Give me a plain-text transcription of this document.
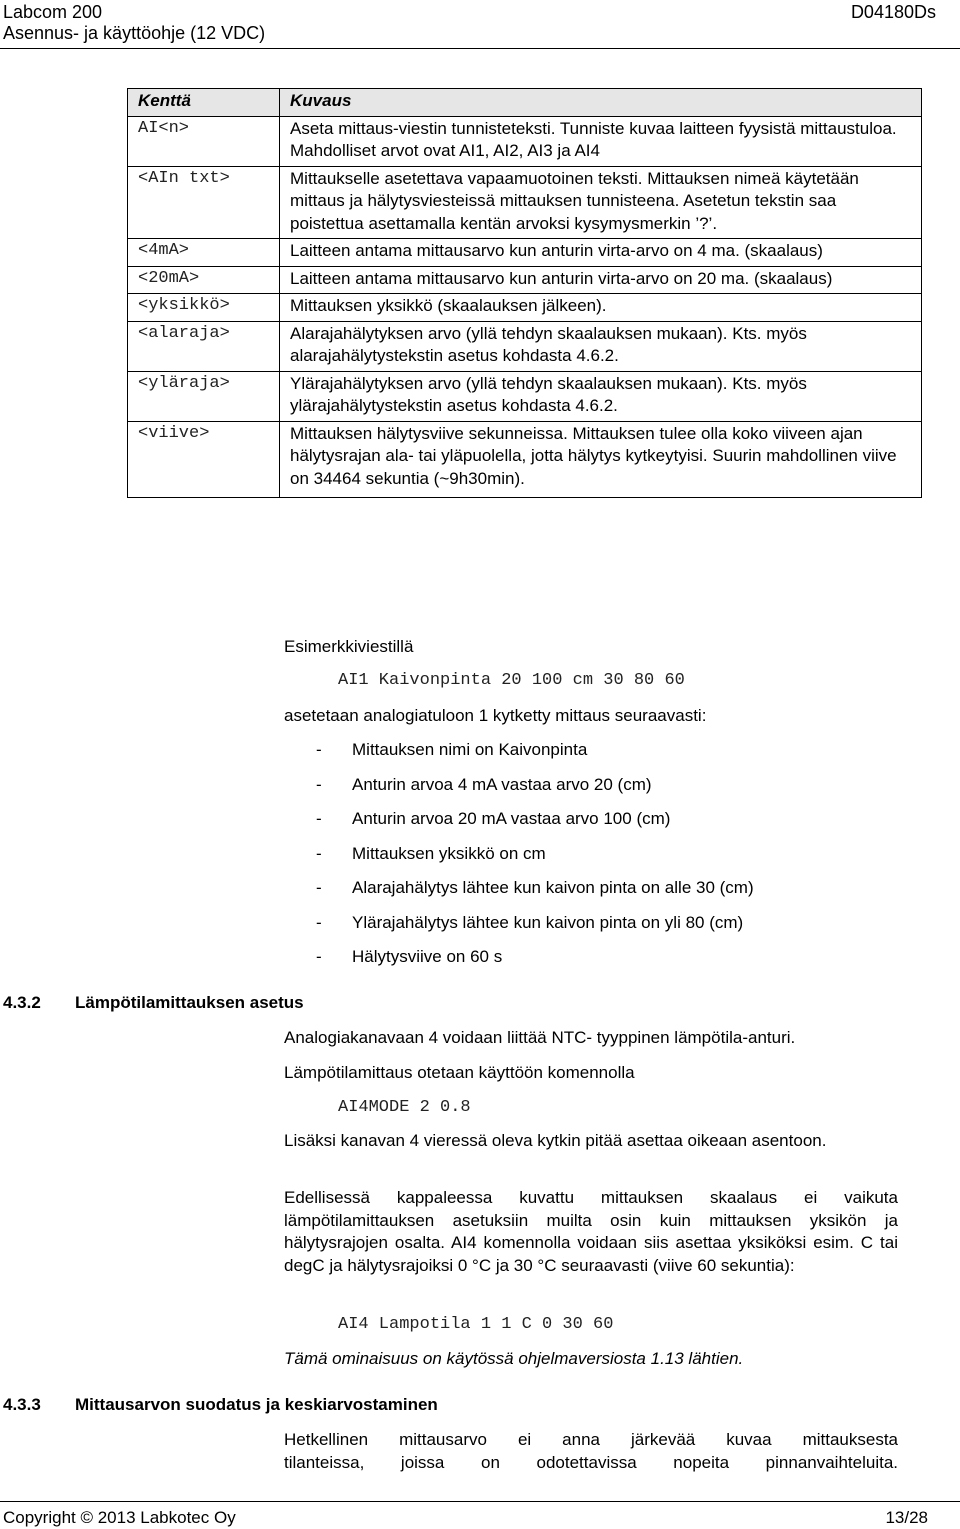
Labcom 200
Asennus- ja käyttöohje (12 VDC)
D04180Ds
Kenttä	Kuvaus
AI<n>	Aseta mittaus-viestin tunnisteteksti. Tunniste kuvaa laitteen fyysistä mittaustuloa.
Mahdolliset arvot ovat AI1, AI2, AI3 ja AI4

<AIn txt>	Mittaukselle asetettava vapaamuotoinen teksti. Mittauksen nimeä käytetään mittaus ja hälytysviesteissä mittauksen tunnisteena. Asetetun tekstin saa poistettua asettamalla kentän arvoksi kysymysmerkin ’?’.
<4mA>	Laitteen antama mittausarvo kun anturin virta-arvo on 4 ma. (skaalaus)
<20mA>	Laitteen antama mittausarvo kun anturin virta-arvo on 20 ma. (skaalaus)
<yksikkö>	Mittauksen yksikkö (skaalauksen jälkeen).
<alaraja>	Alarajahälytyksen arvo (yllä tehdyn skaalauksen mukaan). Kts. myös alarajahälytystekstin asetus kohdasta 4.6.2.
<yläraja>	Ylärajahälytyksen arvo (yllä tehdyn skaalauksen mukaan). Kts. myös ylärajahälytystekstin asetus kohdasta 4.6.2.
<viive>	Mittauksen hälytysviive sekunneissa. Mittauksen tulee olla koko viiveen ajan hälytysrajan ala- tai yläpuolella, jotta hälytys kytkeytyisi. Suurin mahdollinen viive on 34464 sekuntia (~9h30min).
Esimerkkiviestillä
AI1 Kaivonpinta 20 100 cm 30 80 60
asetetaan analogiatuloon 1 kytketty mittaus seuraavasti:
- Mittauksen nimi on Kaivonpinta
- Anturin arvoa 4 mA vastaa arvo 20 (cm)
- Anturin arvoa 20 mA vastaa arvo 100 (cm)
- Mittauksen yksikkö on cm
- Alarajahälytys lähtee kun kaivon pinta on alle 30 (cm)
- Ylärajahälytys lähtee kun kaivon pinta on yli 80 (cm)
- Hälytysviive on 60 s
4.3.2 Lämpötilamittauksen asetus
Analogiakanavaan 4 voidaan liittää NTC- tyyppinen lämpötila-anturi.
Lämpötilamittaus otetaan käyttöön komennolla
AI4MODE 2 0.8
Lisäksi kanavan 4 vieressä oleva kytkin pitää asettaa oikeaan asentoon.
Edellisessä kappaleessa kuvattu mittauksen skaalaus ei vaikuta lämpötilamittauksen asetuksiin muilta osin kuin mittauksen yksikön ja hälytysrajojen osalta. AI4 komennolla voidaan siis asettaa yksiköksi esim. C tai degC ja hälytysrajoiksi 0 °C ja 30 °C seuraavasti (viive 60 sekuntia):
AI4 Lampotila 1 1 C 0 30 60
Tämä ominaisuus on käytössä ohjelmaversiosta 1.13 lähtien.
4.3.3 Mittausarvon suodatus ja keskiarvostaminen
Hetkellinen mittausarvo ei anna järkevää kuvaa mittauksesta
tilanteissa, joissa on odotettavissa nopeita pinnanvaihteluita.
Copyright © 2013 Labkotec Oy	13/28
